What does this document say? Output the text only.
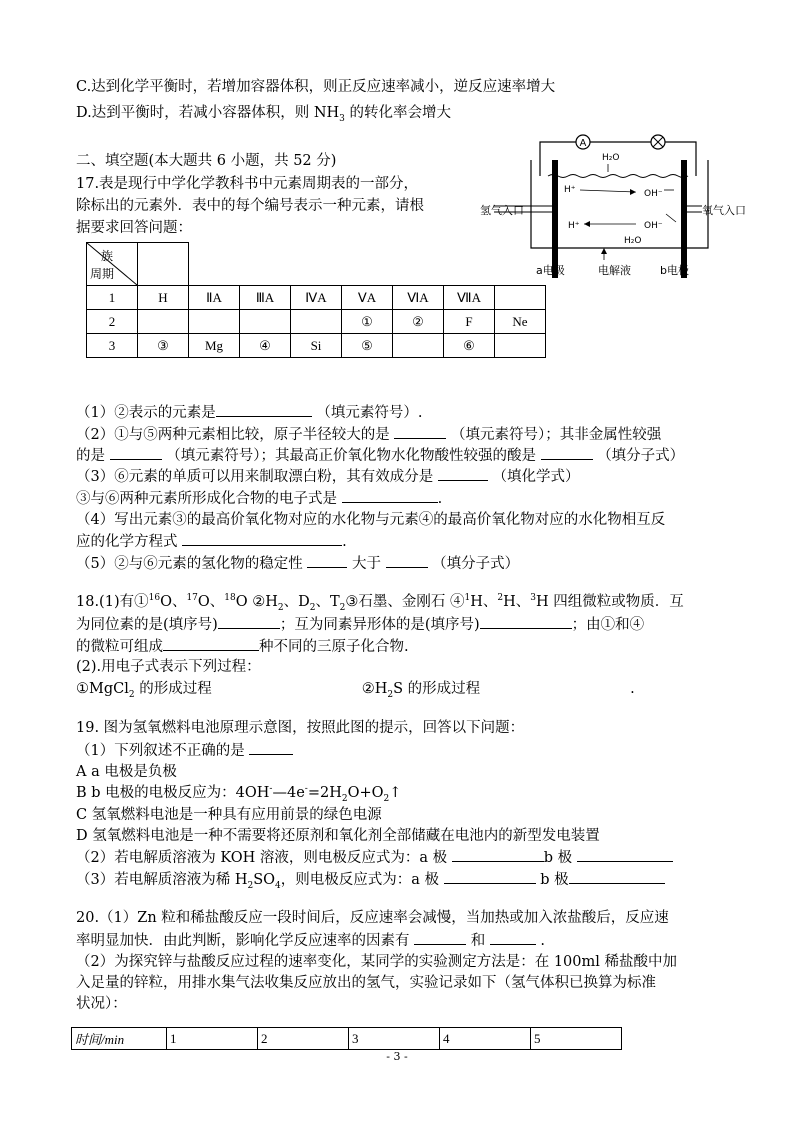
C.达到化学平衡时，若增加容器体积，则正反应速率减小，逆反应速率增大
D.达到平衡时，若减小容器体积，则 $NH_3$ 的转化率会增大
二、填空题(本大题共 6 小题，共 52 分)
17.表是现行中学化学教科书中元素周期表的一部分，
除标出的元素外．表中的每个编号表示一种元素，请根
据要求回答问题：
A
氢气入口	氧气入口
H₂O
H⁺	OH⁻
H⁺	OH⁻
H₂O
a电极	电解液	b电极
族
周期								

1	H	ⅡA	ⅢA	ⅣA	ⅤA	ⅥA	ⅦA	
2					①	②	F	Ne
3	③	Mg	④	Si	⑤		⑥	
（1）②表示的元素是	（填元素符号）.
（2）①与⑤两种元素相比较，原子半径较大的是	（填元素符号）；其非金属性较强
的是	（填元素符号）；其最高正价氧化物水化物酸性较强的酸是	（填分子式）
（3）⑥元素的单质可以用来制取漂白粉，其有效成分是	（填化学式）
③与⑥两种元素所形成化合物的电子式是	.
（4）写出元素③的最高价氧化物对应的水化物与元素④的最高价氧化物对应的水化物相互反
应的化学方程式	.
（5）②与⑥元素的氢化物的稳定性	大于	（填分子式）
18.(1)有①$^{16}$O、$^{17}$O、$^{18}$O $②H_2$、$D_2$、$T_2③$石墨、金刚石 ④$^1$H、$^2$H、$^3$H 四组微粒或物质．互
为同位素的是(填序号)	；互为同素异形体的是(填序号)	；由①和④
的微粒可组成	种不同的三原子化合物.
(2).用电子式表示下列过程：
①MgCl$_2$ 的形成过程	$②H_2S$ 的形成过程	.
19. 图为氢氧燃料电池原理示意图，按照此图的提示，回答以下问题：
（1）下列叙述不正确的是
A a 电极是负极
B b 电极的电极反应为：$4OH^-—4e^-=2H_2O+O_2↑$
C 氢氧燃料电池是一种具有应用前景的绿色电源
D 氢氧燃料电池是一种不需要将还原剂和氧化剂全部储藏在电池内的新型发电装置
（2）若电解质溶液为 KOH 溶液，则电极反应式为：a 极	b 极
（3）若电解质溶液为稀 $H_2SO_4$，则电极反应式为：a 极	b 极
20.（1）Zn 粒和稀盐酸反应一段时间后，反应速率会减慢，当加热或加入浓盐酸后，反应速
率明显加快．由此判断，影响化学反应速率的因素有	和	.
（2）为探究锌与盐酸反应过程的速率变化，某同学的实验测定方法是：在 100ml 稀盐酸中加
入足量的锌粒，用排水集气法收集反应放出的氢气，实验记录如下（氢气体积已换算为标准
状况）：
时间/min	1	2	3	4	5
- 3 -
